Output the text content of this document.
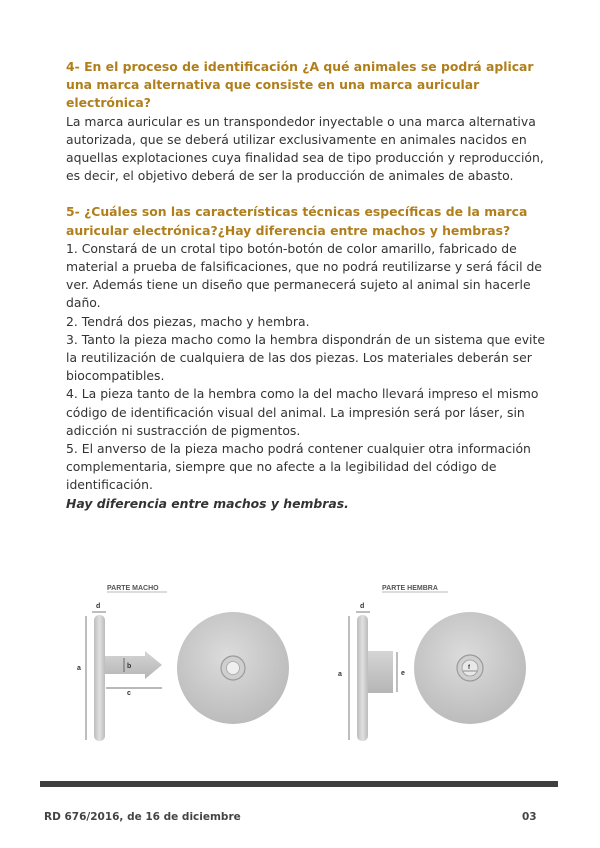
4- En el proceso de identificación ¿A qué animales se podrá aplicar una marca alternativa que consiste en una marca auricular electrónica?

La marca auricular es un transpondedor inyectable o una marca alternativa autorizada, que se deberá utilizar exclusivamente en animales nacidos en aquellas explotaciones cuya finalidad sea de tipo producción y reproducción, es decir, el objetivo deberá de ser la producción de animales de abasto.

5- ¿Cuáles son las características técnicas específicas de la marca auricular electrónica?¿Hay diferencia entre machos y hembras?

1. Constará de un crotal tipo botón-botón de color amarillo, fabricado de material a prueba de falsificaciones, que no podrá reutilizarse y será fácil de ver. Además tiene un diseño que permanecerá sujeto al animal sin hacerle daño.

2. Tendrá dos piezas, macho y hembra.

3. Tanto la pieza macho como la hembra dispondrán de un sistema que evite la reutilización de cualquiera de las dos piezas. Los materiales deberán ser biocompatibles.

4. La pieza tanto de la hembra como la del macho llevará impreso el mismo código de identificación visual del animal. La impresión será por láser, sin adicción ni sustracción de pigmentos.

5. El anverso de la pieza macho podrá contener cualquier otra información complementaria, siempre que no afecte a la legibilidad del código de identificación.

Hay diferencia entre machos y hembras.

PARTE MACHO
d
a	b
c
PARTE HEMBRA
d
a	e
f
RD 676/2016, de 16 de diciembre	03
